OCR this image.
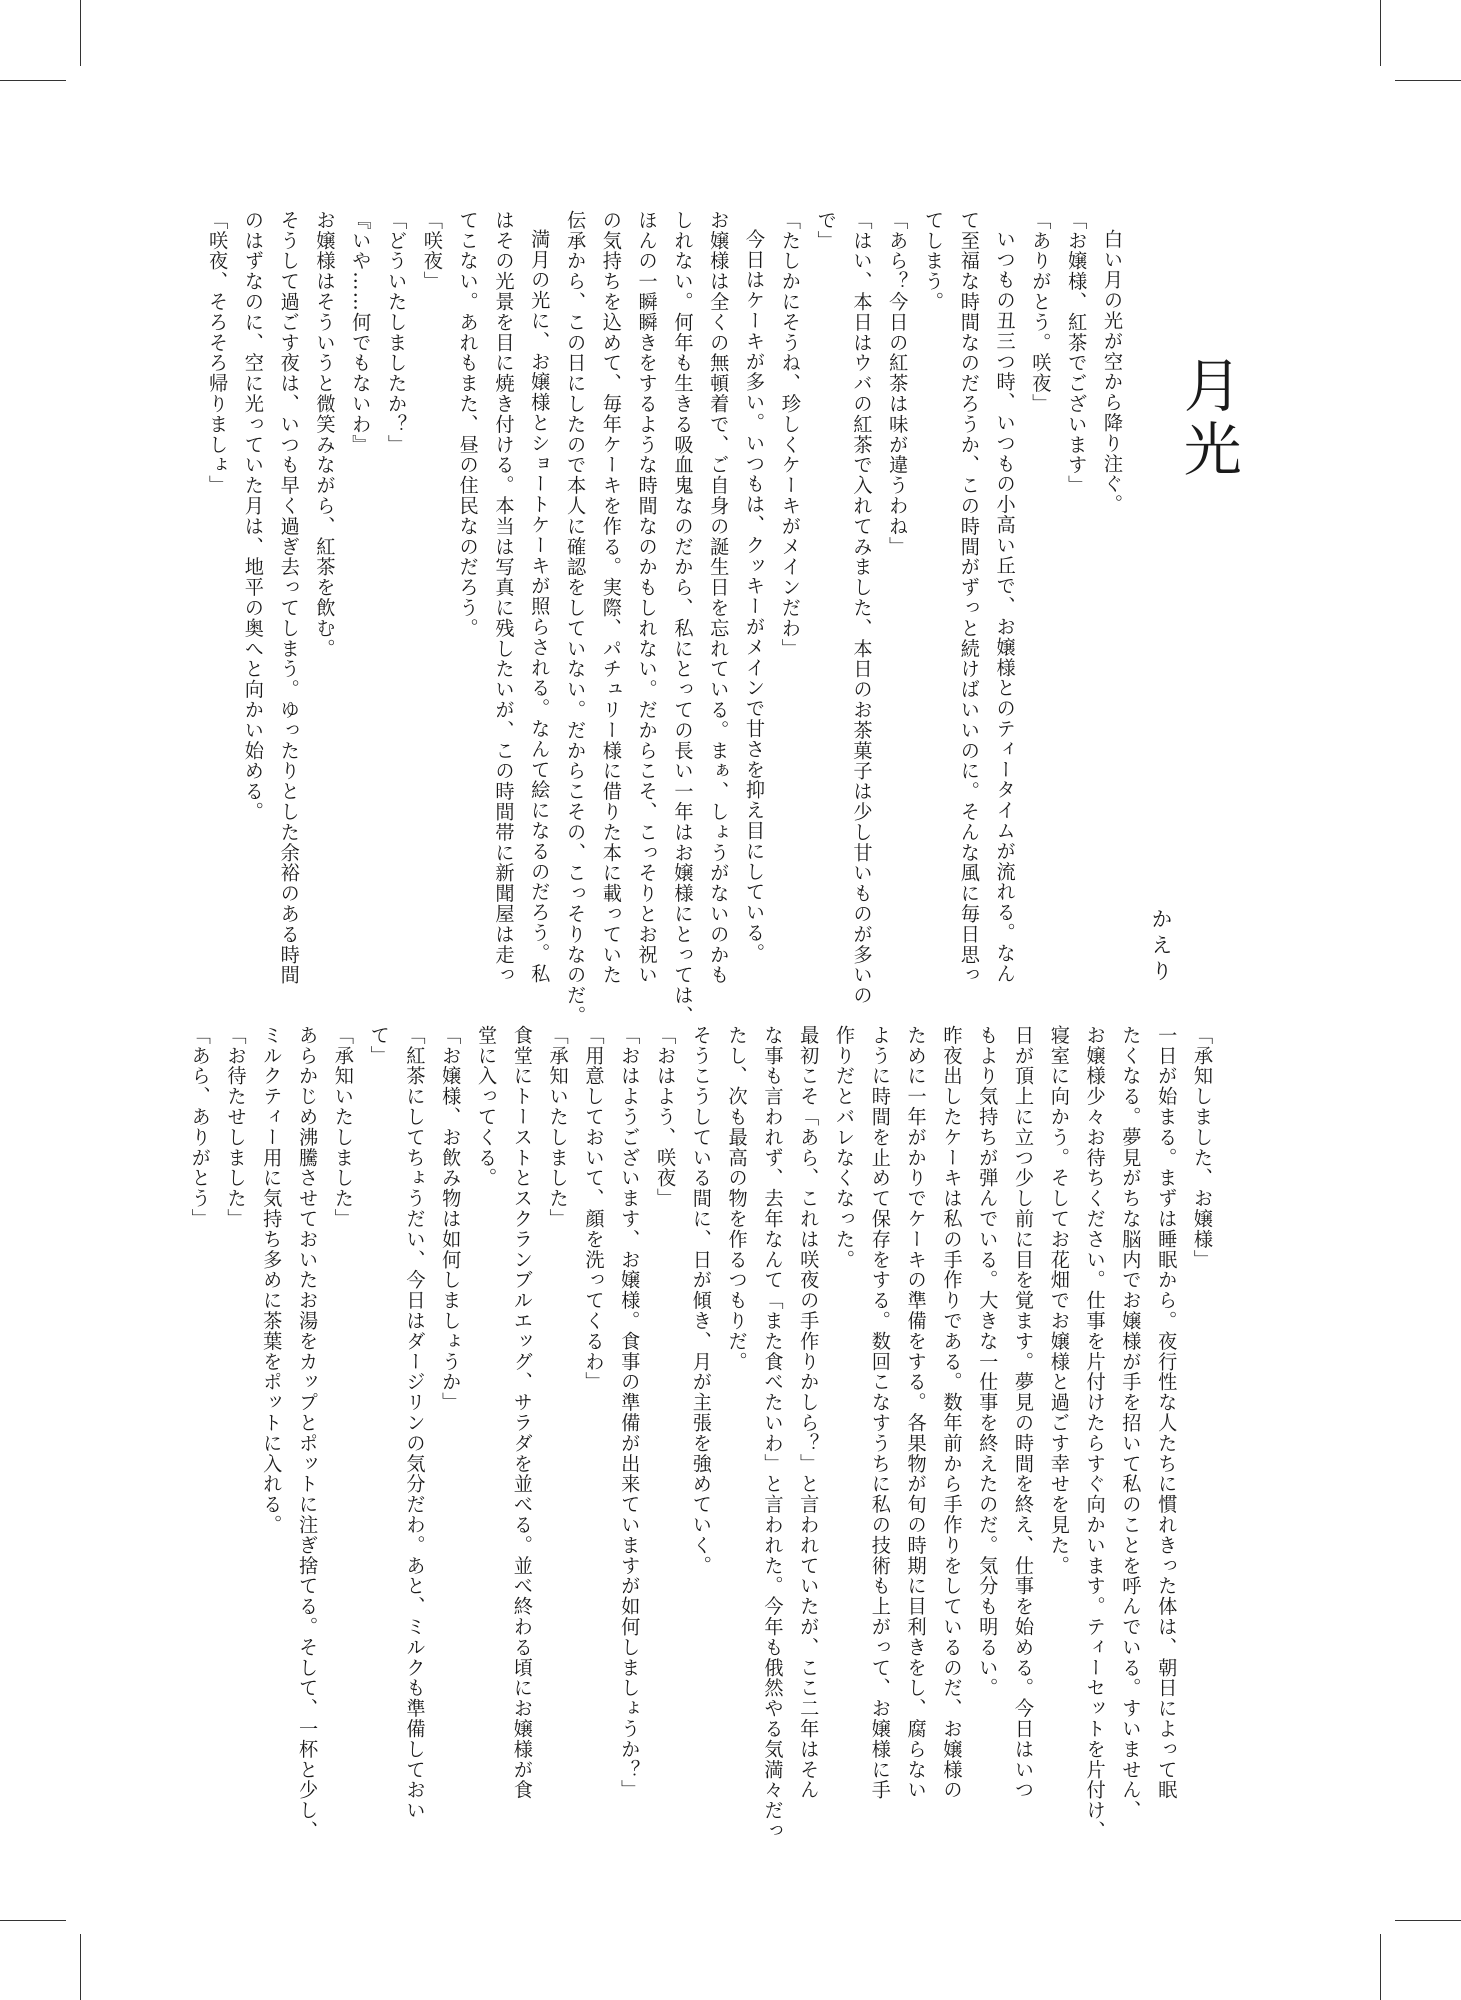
月光
かえり

白い月の光が空から降り注ぐ。

「お嬢様、紅茶でございます」

「ありがとう。咲夜」

いつもの丑三つ時、いつもの小高い丘で、お嬢様とのティータイムが流れる。なん

て至福な時間なのだろうか、この時間がずっと続けばいいのに。そんな風に毎日思っ

てしまう。

「あら？今日の紅茶は味が違うわね」

「はい、本日はウバの紅茶で入れてみました、本日のお茶菓子は少し甘いものが多いの

で」

「たしかにそうね、珍しくケーキがメインだわ」

今日はケーキが多い。いつもは、クッキーがメインで甘さを抑え目にしている。

お嬢様は全くの無頓着で、ご自身の誕生日を忘れている。まぁ、しょうがないのかも

しれない。何年も生きる吸血鬼なのだから、私にとっての長い一年はお嬢様にとっては、

ほんの一瞬瞬きをするような時間なのかもしれない。だからこそ、こっそりとお祝い

の気持ちを込めて、毎年ケーキを作る。実際、パチュリー様に借りた本に載っていた

伝承から、この日にしたので本人に確認をしていない。だからこその、こっそりなのだ。

満月の光に、お嬢様とショートケーキが照らされる。なんて絵になるのだろう。私

はその光景を目に焼き付ける。本当は写真に残したいが、この時間帯に新聞屋は走っ

てこない。あれもまた、昼の住民なのだろう。

「咲夜」

「どういたしましたか？」

『いや……何でもないわ』

お嬢様はそういうと微笑みながら、紅茶を飲む。

そうして過ごす夜は、いつも早く過ぎ去ってしまう。ゆったりとした余裕のある時間

のはずなのに、空に光っていた月は、地平の奥へと向かい始める。

「咲夜、そろそろ帰りましょ」

「承知しました、お嬢様」

一日が始まる。まずは睡眠から。夜行性な人たちに慣れきった体は、朝日によって眠

たくなる。夢見がちな脳内でお嬢様が手を招いて私のことを呼んでいる。すいません、

お嬢様少々お待ちください。仕事を片付けたらすぐ向かいます。ティーセットを片付け、

寝室に向かう。そしてお花畑でお嬢様と過ごす幸せを見た。

日が頂上に立つ少し前に目を覚ます。夢見の時間を終え、仕事を始める。今日はいつ

もより気持ちが弾んでいる。大きな一仕事を終えたのだ。気分も明るい。

昨夜出したケーキは私の手作りである。数年前から手作りをしているのだ、お嬢様の

ために一年がかりでケーキの準備をする。各果物が旬の時期に目利きをし、腐らない

ように時間を止めて保存をする。数回こなすうちに私の技術も上がって、お嬢様に手

作りだとバレなくなった。

最初こそ「あら、これは咲夜の手作りかしら？」と言われていたが、ここ二年はそん

な事も言われず、去年なんて「また食べたいわ」と言われた。今年も俄然やる気満々だっ

たし、次も最高の物を作るつもりだ。

そうこうしている間に、日が傾き、月が主張を強めていく。

「おはよう、咲夜」

「おはようございます、お嬢様。食事の準備が出来ていますが如何しましょうか？」

「用意しておいて、顔を洗ってくるわ」

「承知いたしました」

食堂にトーストとスクランブルエッグ、サラダを並べる。並べ終わる頃にお嬢様が食

堂に入ってくる。

「お嬢様、お飲み物は如何しましょうか」

「紅茶にしてちょうだい、今日はダージリンの気分だわ。あと、ミルクも準備しておい

て」

「承知いたしました」

あらかじめ沸騰させておいたお湯をカップとポットに注ぎ捨てる。そして、一杯と少し、

ミルクティー用に気持ち多めに茶葉をポットに入れる。

「お待たせしました」

「あら、ありがとう」
